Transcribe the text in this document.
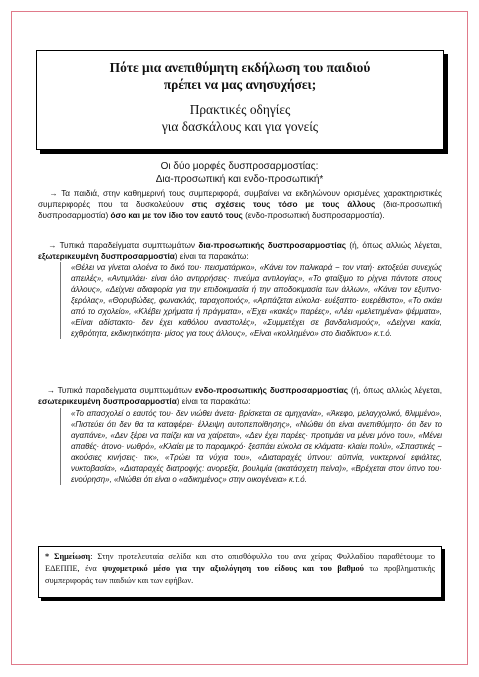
Πότε μια ανεπιθύμητη εκδήλωση του παιδιού
πρέπει να μας ανησυχήσει;
Πρακτικές οδηγίες
για δασκάλους και για γονείς
Οι δύο μορφές δυσπροσαρμοστίας:
Δια-προσωπική και ενδο-προσωπική*
→ Τα παιδιά, στην καθημερινή τους συμπεριφορά, συμβαίνει να εκδηλώνουν ορισμένες χαρακτηριστικές συμπεριφορές που τα δυσκολεύουν στις σχέσεις τους τόσο με τους άλλους (δια-προσωπική δυσπροσαρμοστία) όσο και με τον ίδιο τον εαυτό τους (ενδο-προσωπική δυσπροσαρμοστία).
→ Τυπικά παραδείγματα συμπτωμάτων δια-προσωπικής δυσπροσαρμοστίας (ή, όπως αλλιώς λέγεται, εξωτερικευμένη δυσπροσαρμοστία) είναι τα παρακάτω:
«Θέλει να γίνεται ολοένα το δικό του· πεισματάρικο», «Κάνει τον παλικαρά − τον νταή· εκτοξεύει συνεχώς απειλές», «Αντιμιλάει· είναι όλο αντιρρήσεις· πνεύμα αντιλογίας», «Το φταίξιμο το ρίχνει πάντοτε στους άλλους», «Δείχνει αδιαφορία για την επιδοκιμασία ή την αποδοκιμασία των άλλων», «Κάνει τον εξυπνο· ξερόλας», «Θορυβώδες, φωνακλάς, ταραχοποιός», «Αρπάζεται εύκολα· ευέξαπτο· ευερέθιστο», «Το σκάει από το σχολείο», «Κλέβει χρήματα ή πράγματα», «Έχει «κακές» παρέες», «Λέει «μελετημένα» ψέμματα», «Είναι αδίστακτο· δεν έχει καθόλου αναστολές», «Συμμετέχει σε βανδαλισμούς», «Δείχνει κακία, εχθρότητα, εκδικητικότητα· μίσος για τους άλλους», «Είναι «κολλημένο» στο διαδίκτυο» κ.τ.ό.
→ Τυπικά παραδείγματα συμπτωμάτων ενδο-προσωπικής δυσπροσαρμοστίας (ή, όπως αλλιώς λέγεται, εσωτερικευμένη δυσπροσαρμοστία) είναι τα παρακάτω:
«Το απασχολεί ο εαυτός του· δεν νιώθει άνετα· βρίσκεται σε αμηχανία», «Άκεφο, μελαγχολικό, θλιμμένο», «Πιστεύει ότι δεν θα τα καταφέρει· έλλειψη αυτοπεποίθησης», «Νιώθει ότι είναι ανεπιθύμητο· ότι δεν το αγαπάνε», «Δεν ξέρει να παίζει και να χαίρεται», «Δεν έχει παρέες· προτιμάει να μένει μόνο του», «Μένει απαθές· άτονο· νωθρό», «Κλαίει με το παραμικρό· ξεσπάει εύκολα σε κλάματα· κλαίει πολύ», «Σπαστικές − ακούσιες κινήσεις· τικ», «Τρώει τα νύχια του», «Διαταραχές ύπνου: αϋπνία, νυκτερινοί εφιάλτες, νυκτοβασία», «Διαταραχές διατροφής: ανορεξία, βουλιμία (ακατάσχετη πείνα)», «Βρέχεται στον ύπνο του· ενούρηση», «Νιώθει ότι είναι ο «αδικημένος» στην οικογένεια» κ.τ.ό.
* Σημείωση: Στην προτελευταία σελίδα και στο οπισθόφυλλο του ανα χείρας Φυλλαδίου παραθέτουμε το ΕΔΕΠΠΕ, ένα ψυχομετρικό μέσο για την αξιολόγηση του είδους και του βαθμού τω προβληματικής συμπεριφοράς των παιδιών και των εφήβων.
